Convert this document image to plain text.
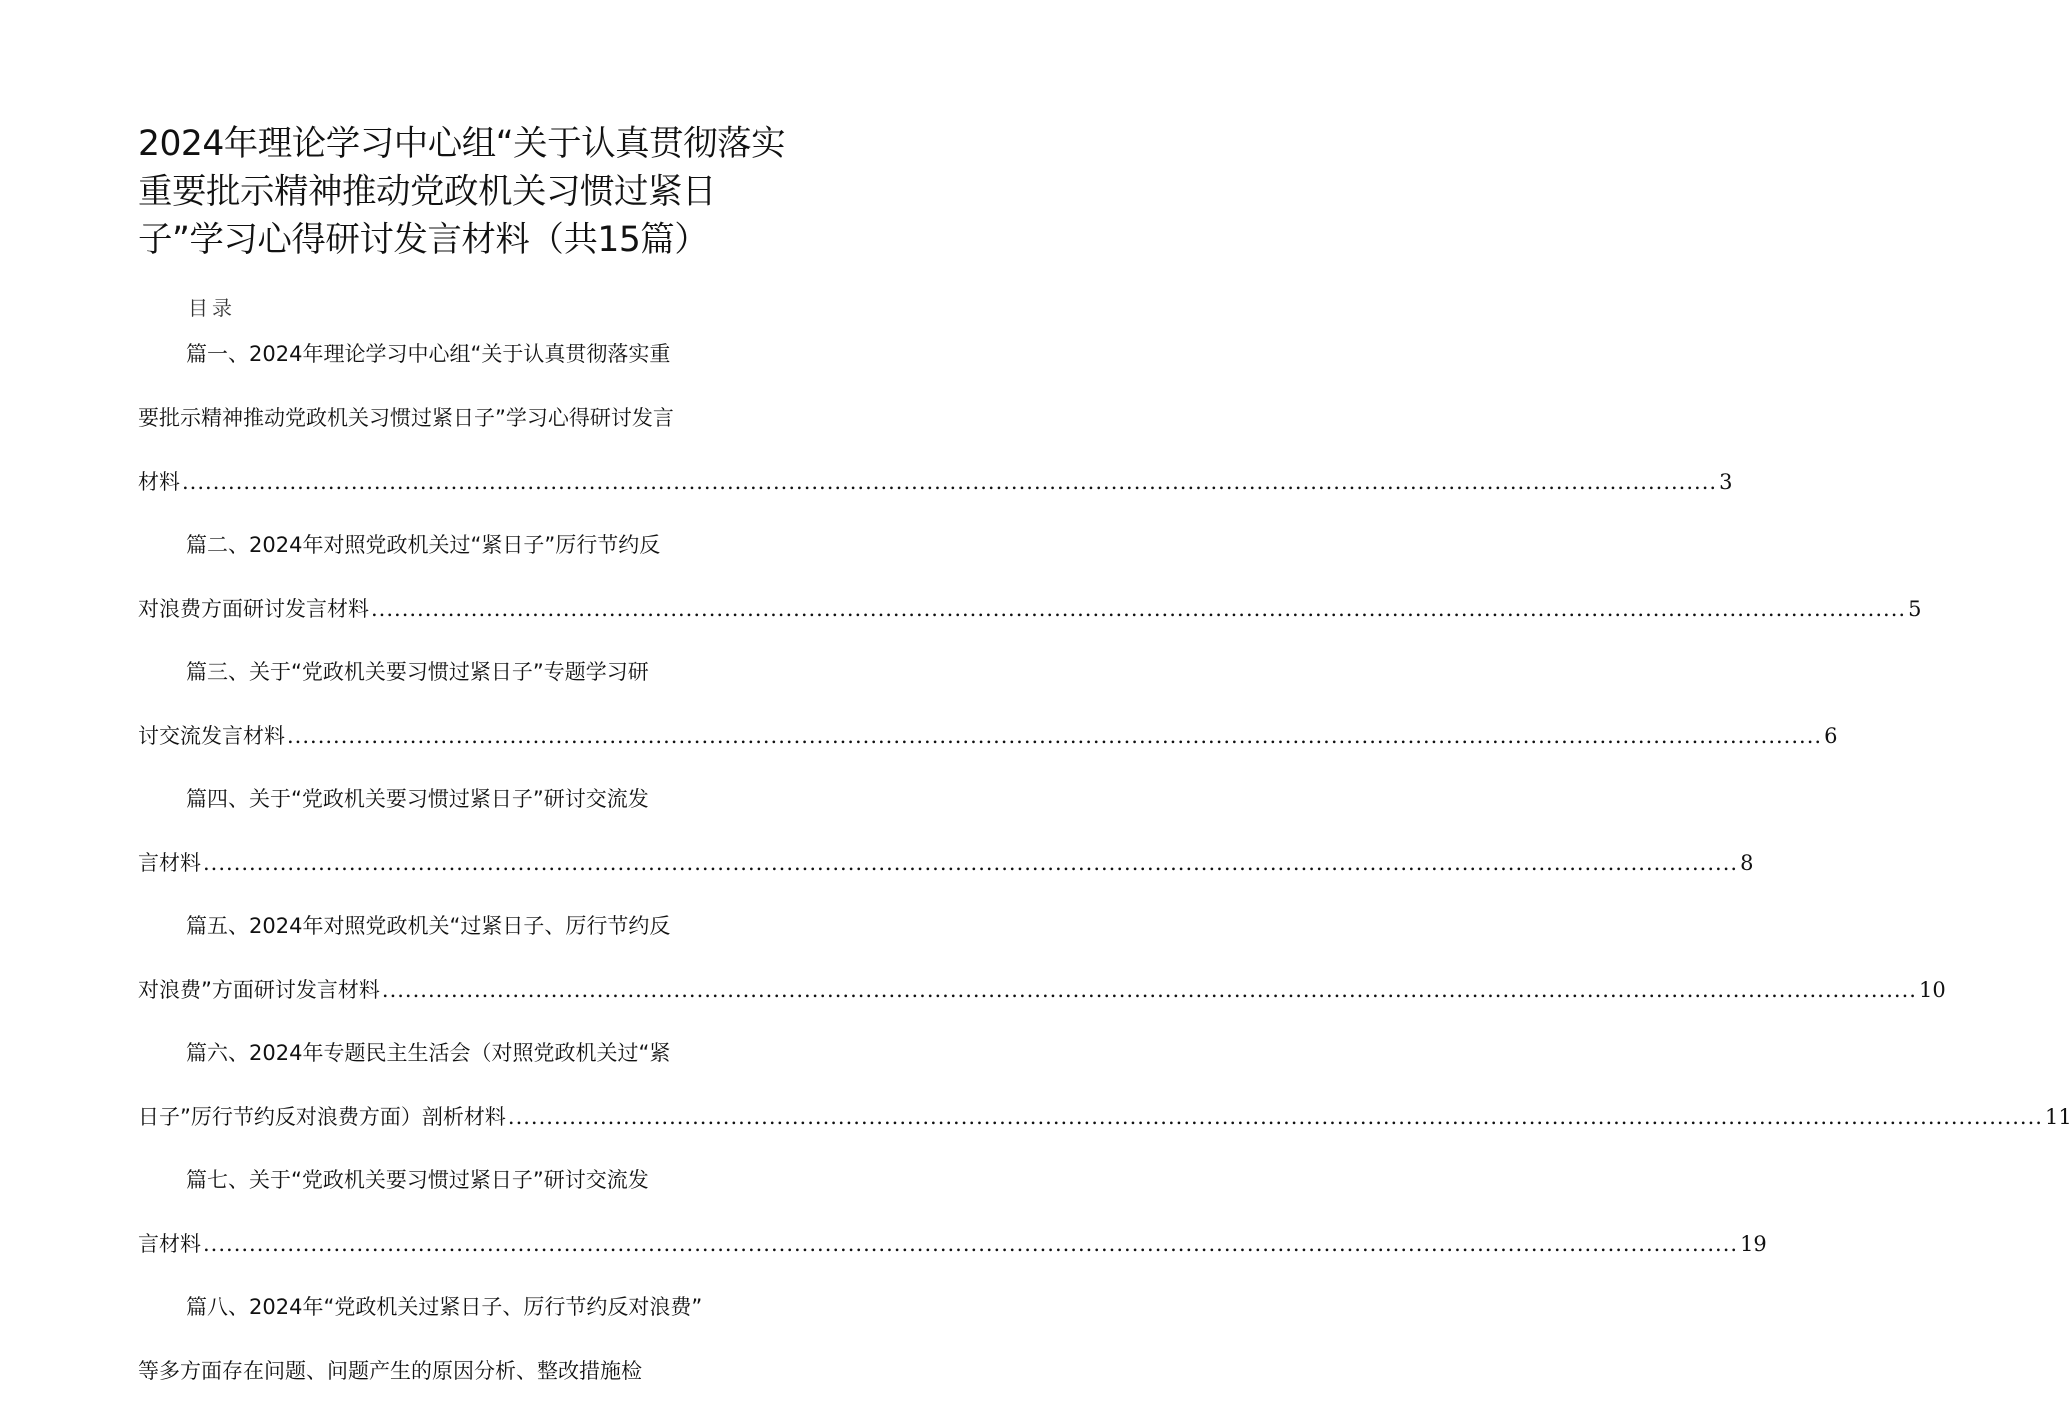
2024年理论学习中心组“关于认真贯彻落实重要批示精神推动党政机关习惯过紧日子”学习心得研讨发言材料（共15篇）
目录
篇一、2024年理论学习中心组“关于认真贯彻落实重
要批示精神推动党政机关习惯过紧日子”学习心得研讨发言
材料 ........................................................................................................................................................................................................ 3
篇二、2024年对照党政机关过“紧日子”厉行节约反
对浪费方面研讨发言材料 ........................................................................................................................................................................................................ 5
篇三、关于“党政机关要习惯过紧日子”专题学习研
讨交流发言材料 ........................................................................................................................................................................................................ 6
篇四、关于“党政机关要习惯过紧日子”研讨交流发
言材料 ........................................................................................................................................................................................................ 8
篇五、2024年对照党政机关“过紧日子、厉行节约反
对浪费”方面研讨发言材料 ........................................................................................................................................................................................................ 10
篇六、2024年专题民主生活会（对照党政机关过“紧
日子”厉行节约反对浪费方面）剖析材料 ........................................................................................................................................................................................................ 11
篇七、关于“党政机关要习惯过紧日子”研讨交流发
言材料 ........................................................................................................................................................................................................ 19
篇八、2024年“党政机关过紧日子、厉行节约反对浪费”
等多方面存在问题、问题产生的原因分析、整改措施检
